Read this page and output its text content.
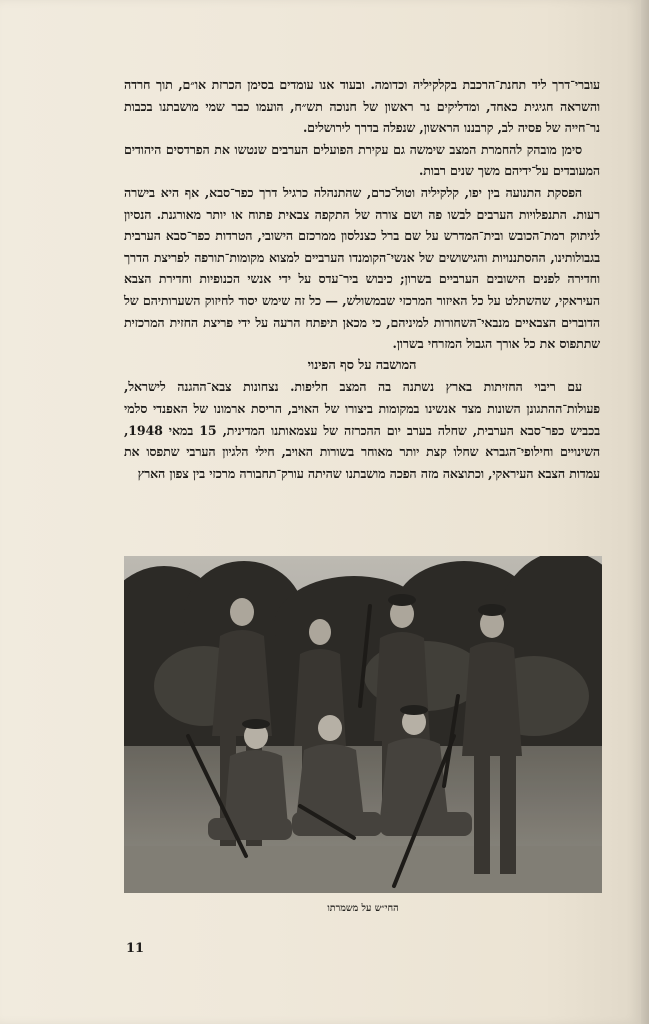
עוברי־דרך ליד תחנת־הרכבת בקלקיליה וכדומה. ובעוד אנו עומדים בסימן הכרזת או״ם, תוך חרדה והשראה חגיגית כאחד, ומדליקים נר ראשון של חנוכה תש״ח, הועמו כבר שמי מושבתנו בכבות נר־חייה של פסיה לב, קרבננו הראשון, שנפלה בדרך לירושלים.

סימן מובהק להחמרת המצב שימשה גם עקירת הפועלים הערבים שנטשו את הפרדסים היהודים המעובדים על־ידיהם משך שנים רבות.

הפסקת התנועה בין יפו, קלקיליה וטול־כרם, שהתנהלה כרגיל דרך כפר־סבא, אף היא בישרה רעות. התנפלויות הערבים לבשו פה ושם צורה של התקפה צבאית פתוח או יותר מאורגנת. הנסיון לניתוק רמת־הכובש ובית־המדרש על שם ברל כצנלסון ממרכזם הישובי, הטרדות כפר־סבא הערבית בגבולותינו, ההסתננויות והגישושים של אנשי־הקומנדו הערביים למצוא מקומות־תורפה לפריצת הדרך וחדירה לפנים הישובים הערביים בשרון; כיבוש ביר־עדס על ידי אנשי הכנופיות וחדירת הצבא העיראקי, שהשתלט על כל האיזור המרכזי שבמשולש, — כל זה שימש יסוד לחיזוק השערותיהם של הדוברים הצבאיים מנבאי־השחורות למיניהם, כי מכאן תיפתח הרעה על ידי פריצת החזית המרכזית שתתפוס את כל אורך הגבול המזרחי בשרון.

המושבה על סף הפינוי

עם ריבוי החזיתות בארץ נשתנה בה המצב חליפות. נצחונות צבא־ההגנה לישראל, פעולות־ההתגונן השונות מצד אנשינו במקומות ביצורו של האויב, הריסת ארמונו של האפנדי סלמי בכביש כפר־סבא הערבית, שחלה בערב יום ההכרזה של עצמאותנו המדינית, 15 במאי 1948, השינויים וחילופי־הגברא שחלו קצת יותר מאוחר בשורות האויב, חילי הלגיון הערבי שתפסו את עמדות הצבא העיראקי, וכתוצאה מזה הפכה מושבתנו שהיתה עורק־תחבורה מרכזי בין צפון הארץ

החי״ש על משמרתו
11
